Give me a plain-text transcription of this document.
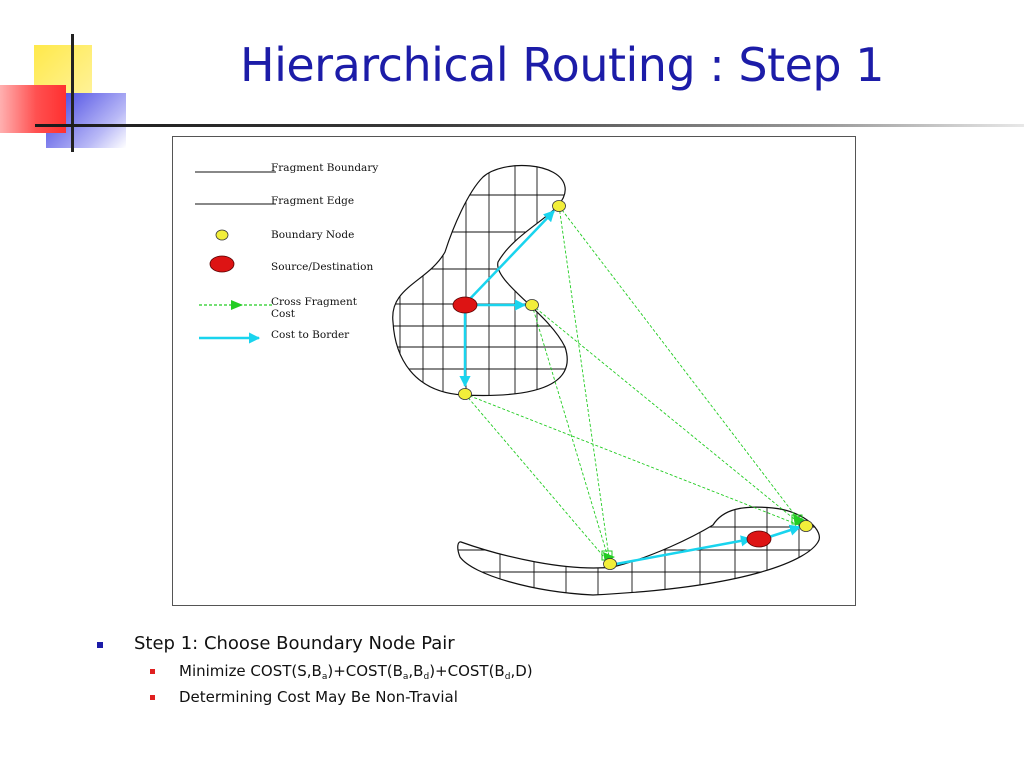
Hierarchical Routing : Step 1
Fragment Boundary
Fragment Edge
Boundary Node
Source/Destination
Cross Fragment
Cost
Cost to Border
Step 1: Choose Boundary Node Pair
Minimize $COST(S,B_a)+COST(B_a,B_d)+COST(B_d,D)$
Determining Cost May Be Non-Travial
